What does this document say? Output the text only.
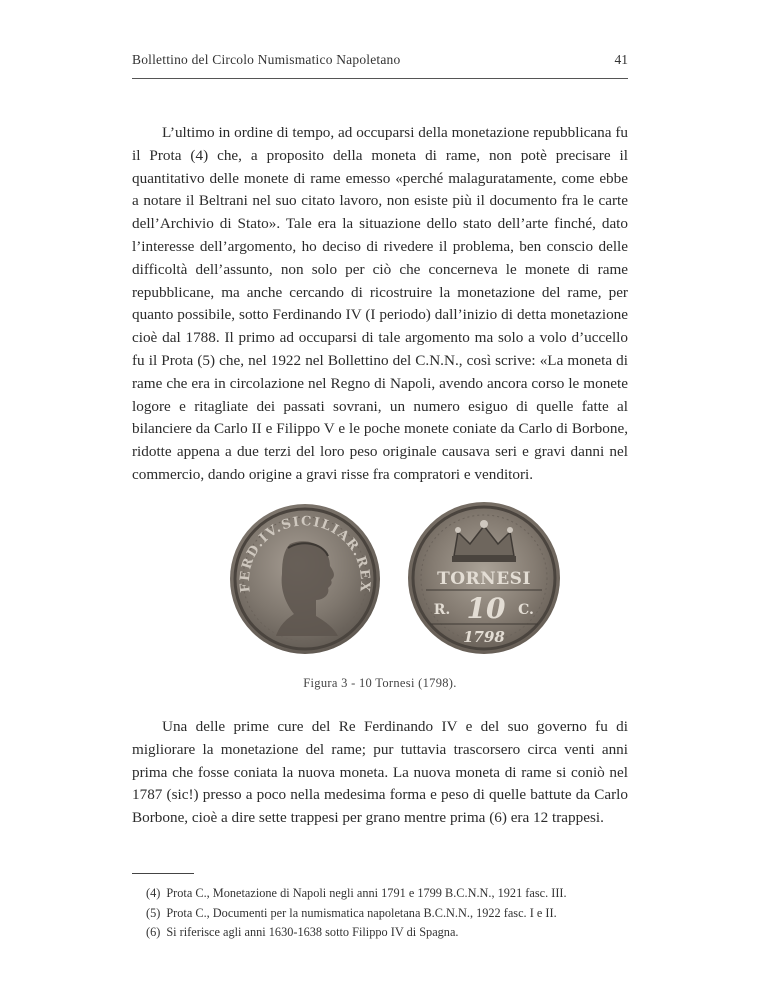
Bollettino del Circolo Numismatico Napoletano	41

L’ultimo in ordine di tempo, ad occuparsi della monetazione repubblicana fu il Prota (4) che, a proposito della moneta di rame, non potè precisare il quantitativo delle monete di rame emesso «perché malaguratamente, come ebbe a notare il Beltrani nel suo citato lavoro, non esiste più il documento fra le carte dell’Archivio di Stato». Tale era la situazione dello stato dell’arte finché, dato l’interesse dell’argomento, ho deciso di rivedere il problema, ben conscio delle difficoltà dell’assunto, non solo per ciò che concerneva le monete di rame repubblicane, ma anche cercando di ricostruire la monetazione del rame, per quanto possibile, sotto Ferdinando IV (I periodo) dall’inizio di detta monetazione cioè dal 1788. Il primo ad occuparsi di tale argomento ma solo a volo d’uccello fu il Prota (5) che, nel 1922 nel Bollettino del C.N.N., così scrive: «La moneta di rame che era in circolazione nel Regno di Napoli, avendo ancora corso le monete logore e ritagliate dei passati sovrani, un numero esiguo di quelle fatte al bilanciere da Carlo II e Filippo V e le poche monete coniate da Carlo di Borbone, ridotte appena a due terzi del loro peso originale causava seri e gravi danni nel commercio, dando origine a gravi risse fra compratori e venditori.

FERD.IV.SICILIAR.REX	TORNESI
R. 10 C.
1798
Figura 3 - 10 Tornesi (1798).

Una delle prime cure del Re Ferdinando IV e del suo governo fu di migliorare la monetazione del rame; pur tuttavia trascorsero circa venti anni prima che fosse coniata la nuova moneta. La nuova moneta di rame si coniò nel 1787 (sic!) presso a poco nella medesima forma e peso di quelle battute da Carlo Borbone, cioè a dire sette trappesi per grano mentre prima (6) era 12 trappesi.

(4) Prota C., Monetazione di Napoli negli anni 1791 e 1799 B.C.N.N., 1921 fasc. III.
(5) Prota C., Documenti per la numismatica napoletana B.C.N.N., 1922 fasc. I e II.
(6) Si riferisce agli anni 1630-1638 sotto Filippo IV di Spagna.
